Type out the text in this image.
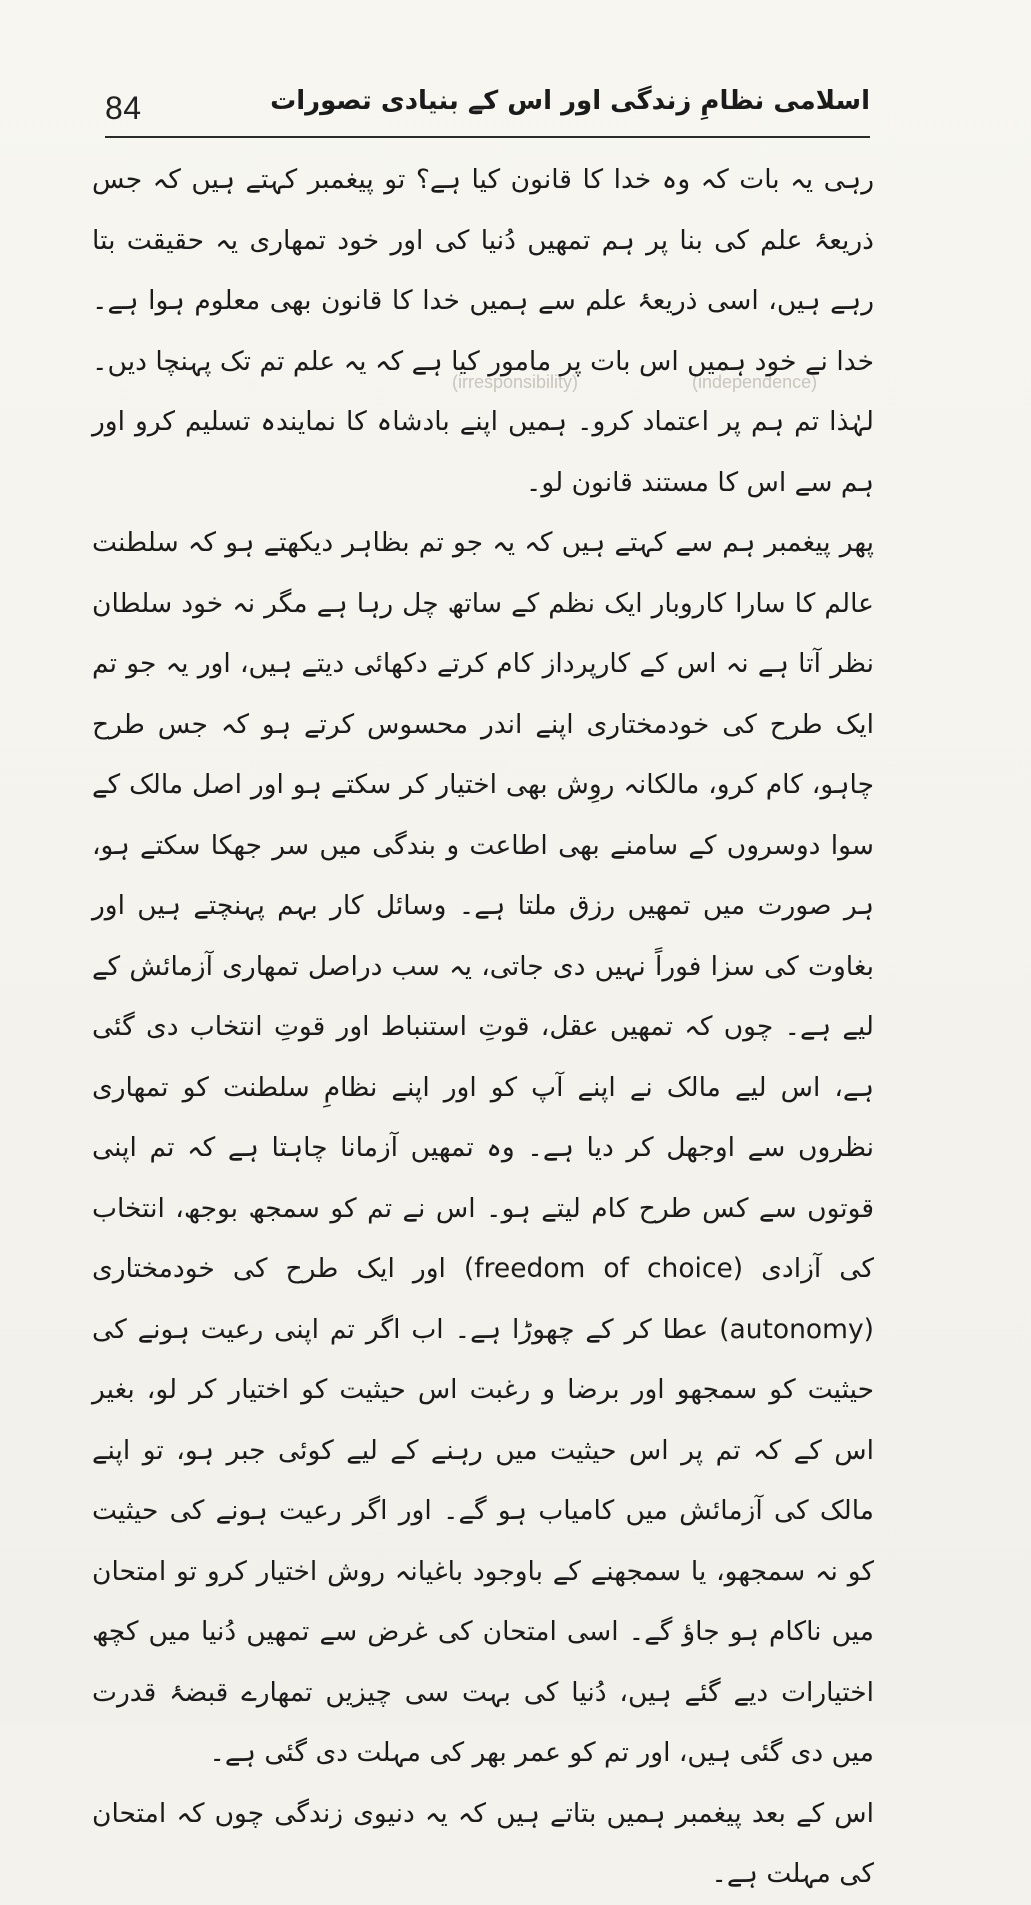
84	اسلامی نظامِ زندگی اور اس کے بنیادی تصورات
(irresponsibility)	(independence)

رہی یہ بات کہ وہ خدا کا قانون کیا ہے؟ تو پیغمبر کہتے ہیں کہ جس ذریعۂ علم کی بنا پر ہم تمھیں دُنیا کی اور خود تمھاری یہ حقیقت بتا رہے ہیں، اسی ذریعۂ علم سے ہمیں خدا کا قانون بھی معلوم ہوا ہے۔ خدا نے خود ہمیں اس بات پر مامور کیا ہے کہ یہ علم تم تک پہنچا دیں۔ لہٰذا تم ہم پر اعتماد کرو۔ ہمیں اپنے بادشاہ کا نمایندہ تسلیم کرو اور ہم سے اس کا مستند قانون لو۔

پھر پیغمبر ہم سے کہتے ہیں کہ یہ جو تم بظاہر دیکھتے ہو کہ سلطنت عالم کا سارا کاروبار ایک نظم کے ساتھ چل رہا ہے مگر نہ خود سلطان نظر آتا ہے نہ اس کے کارپرداز کام کرتے دکھائی دیتے ہیں، اور یہ جو تم ایک طرح کی خودمختاری اپنے اندر محسوس کرتے ہو کہ جس طرح چاہو، کام کرو، مالکانہ روِش بھی اختیار کر سکتے ہو اور اصل مالک کے سوا دوسروں کے سامنے بھی اطاعت و بندگی میں سر جھکا سکتے ہو، ہر صورت میں تمھیں رزق ملتا ہے۔ وسائل کار بہم پہنچتے ہیں اور بغاوت کی سزا فوراً نہیں دی جاتی، یہ سب دراصل تمھاری آزمائش کے لیے ہے۔ چوں کہ تمھیں عقل، قوتِ استنباط اور قوتِ انتخاب دی گئی ہے، اس لیے مالک نے اپنے آپ کو اور اپنے نظامِ سلطنت کو تمھاری نظروں سے اوجھل کر دیا ہے۔ وہ تمھیں آزمانا چاہتا ہے کہ تم اپنی قوتوں سے کس طرح کام لیتے ہو۔ اس نے تم کو سمجھ بوجھ، انتخاب کی آزادی (freedom of choice) اور ایک طرح کی خودمختاری (autonomy) عطا کر کے چھوڑا ہے۔ اب اگر تم اپنی رعیت ہونے کی حیثیت کو سمجھو اور برضا و رغبت اس حیثیت کو اختیار کر لو، بغیر اس کے کہ تم پر اس حیثیت میں رہنے کے لیے کوئی جبر ہو، تو اپنے مالک کی آزمائش میں کامیاب ہو گے۔ اور اگر رعیت ہونے کی حیثیت کو نہ سمجھو، یا سمجھنے کے باوجود باغیانہ روش اختیار کرو تو امتحان میں ناکام ہو جاؤ گے۔ اسی امتحان کی غرض سے تمھیں دُنیا میں کچھ اختیارات دیے گئے ہیں، دُنیا کی بہت سی چیزیں تمھارے قبضۂ قدرت میں دی گئی ہیں، اور تم کو عمر بھر کی مہلت دی گئی ہے۔

اس کے بعد پیغمبر ہمیں بتاتے ہیں کہ یہ دنیوی زندگی چوں کہ امتحان کی مہلت ہے۔
